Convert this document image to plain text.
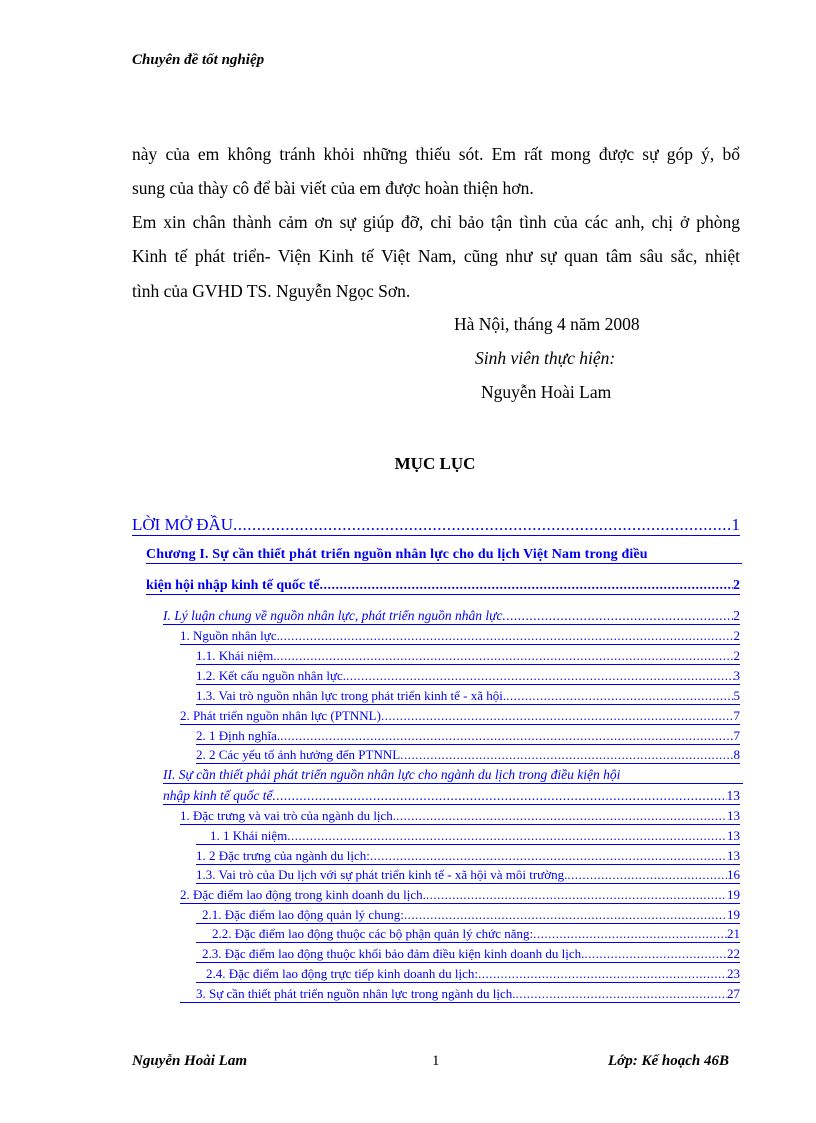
Chuyên đề tốt nghiệp
này của em không tránh khỏi những thiếu sót. Em rất mong được sự góp ý, bổ
sung của thày cô để bài viết của em được hoàn thiện hơn.
Em xin chân thành cảm ơn sự giúp đỡ, chỉ bảo tận tình của các anh, chị ở phòng
Kinh tế phát triển- Viện Kinh tế Việt Nam, cũng như sự quan tâm sâu sắc, nhiệt
tình của GVHD TS. Nguyễn Ngọc Sơn.
Hà Nội, tháng 4 năm 2008
Sinh viên thực hiện:
Nguyễn Hoài Lam
MỤC LỤC
LỜI MỞ ĐẦU .....	1
Chương I. Sự cần thiết phát triển nguồn nhân lực cho du lịch Việt Nam trong điều
kiện hội nhập kinh tế quốc tế .....	2
I. Lý luận chung về nguồn nhân lực, phát triển nguồn nhân lực .....	2
1. Nguồn nhân lực. .....	2
1.1. Khái niệm. .....	2
1.2. Kết cấu nguồn nhân lực. .....	3
1.3. Vai trò nguồn nhân lực trong phát triển kinh tế - xã hội. .....	5
2. Phát triển nguồn nhân lực (PTNNL) .....	7
2. 1 Định nghĩa. .....	7
2. 2 Các yếu tố ảnh hưởng đến PTNNL .....	8
II. Sự cần thiết phải phát triển nguồn nhân lực cho ngành du lịch trong điều kiện hội
nhập kinh tế quốc tế .....	13
1. Đặc trưng và vai trò của ngành du lịch. .....	13
1. 1 Khái niệm .....	13
1. 2 Đặc trưng của ngành du lịch: .....	13
1.3. Vai trò của Du lịch với sự phát triển kinh tế - xã hội và môi trường. .....	16
2. Đặc điểm lao động trong kinh doanh du lịch. .....	19
2.1. Đặc điểm lao động quản lý chung: .....	19
2.2. Đặc điểm lao động thuộc các bộ phận quản lý chức năng: .....	21
2.3. Đặc điểm lao động thuộc khối bảo đảm điều kiện kinh doanh du lịch. .....	22
2.4. Đặc điểm lao động trực tiếp kinh doanh du lịch: .....	23
3. Sự cần thiết phát triển nguồn nhân lực trong ngành du lịch. .....	27
Nguyễn Hoài Lam	1	Lớp: Kế hoạch 46B
